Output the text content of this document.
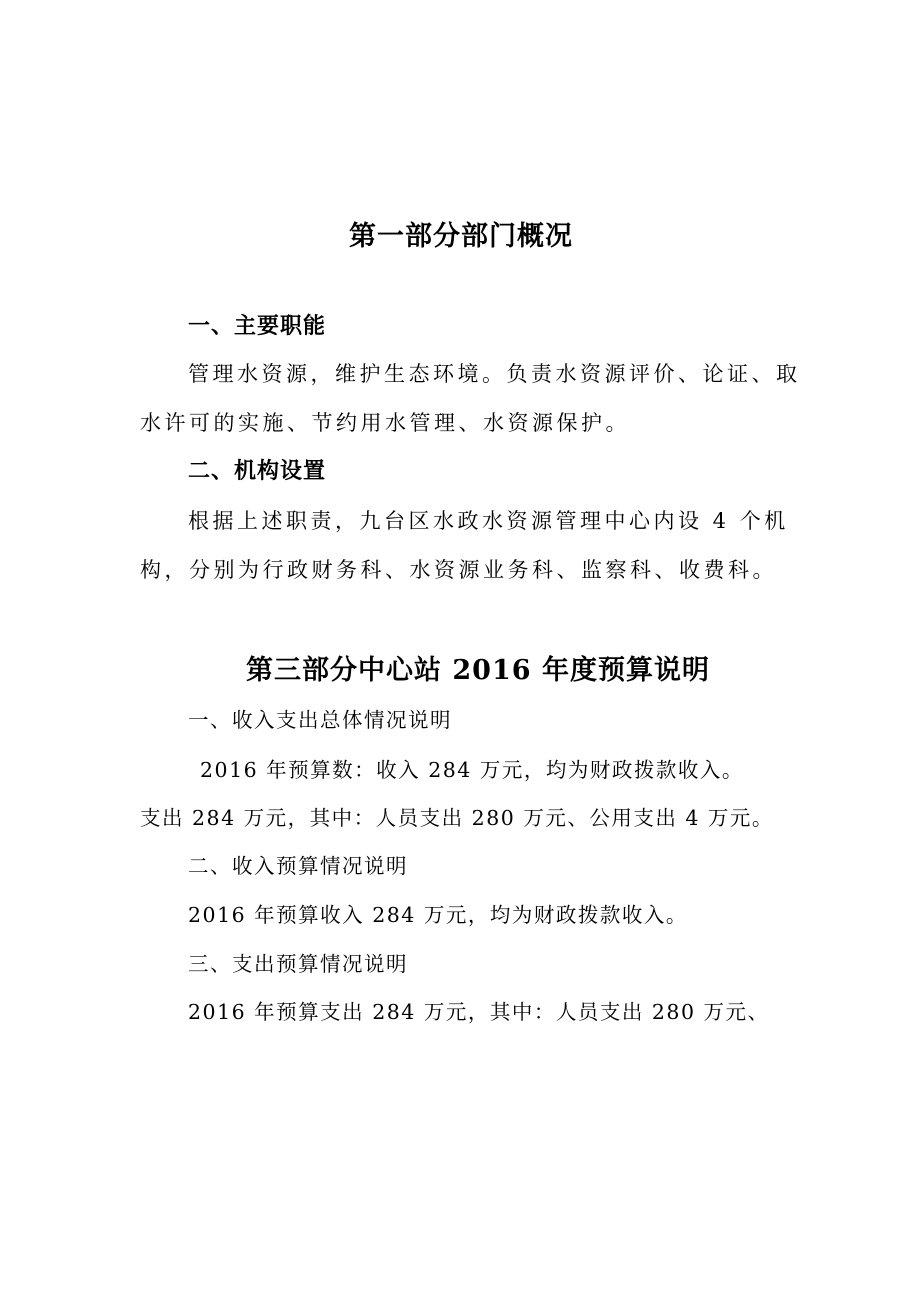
第一部分部门概况
一、主要职能

管理水资源，维护生态环境。负责水资源评价、论证、取

水许可的实施、节约用水管理、水资源保护。

二、机构设置

根据上述职责，九台区水政水资源管理中心内设 4 个机

构，分别为行政财务科、水资源业务科、监察科、收费科。

第三部分中心站 2016 年度预算说明

一、收入支出总体情况说明

2016 年预算数：收入 284 万元，均为财政拨款收入。

支出 284 万元，其中：人员支出 280 万元、公用支出 4 万元。

二、收入预算情况说明

2016 年预算收入 284 万元，均为财政拨款收入。

三、支出预算情况说明

2016 年预算支出 284 万元，其中：人员支出 280 万元、
